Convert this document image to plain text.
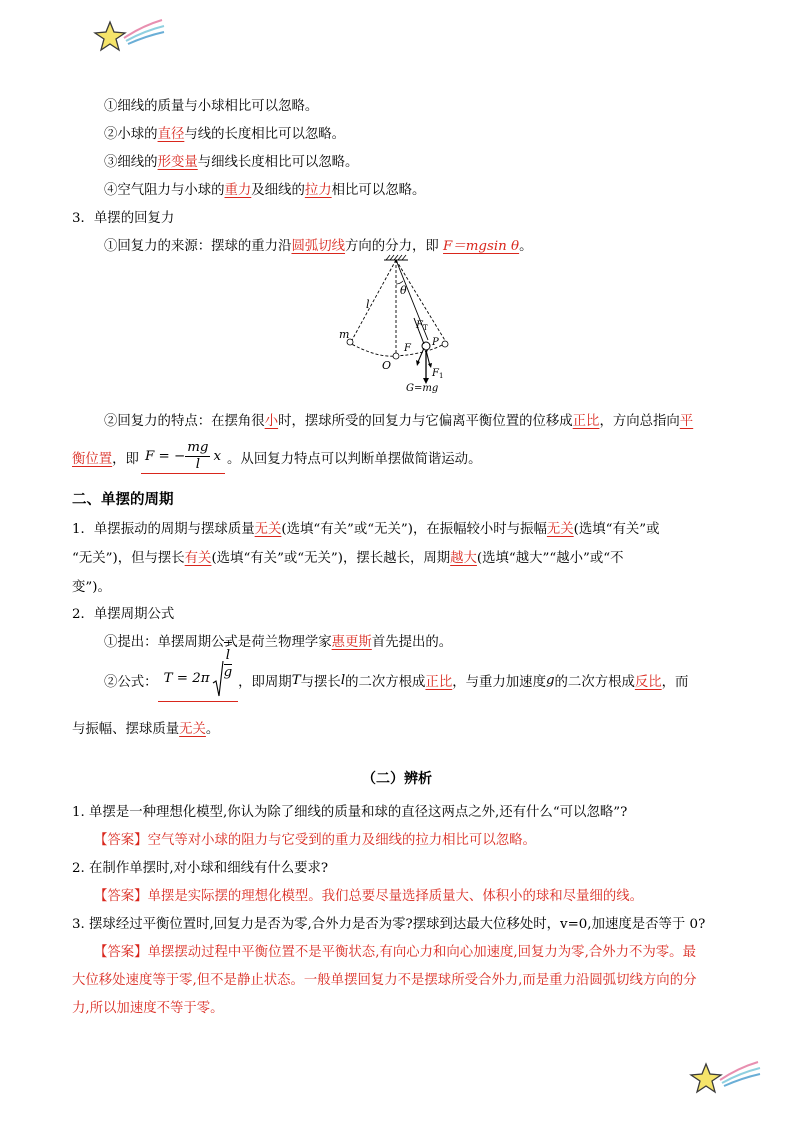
①细线的质量与小球相比可以忽略。
②小球的直径与线的长度相比可以忽略。
③细线的形变量与细线长度相比可以忽略。
④空气阻力与小球的重力及细线的拉力相比可以忽略。
3．单摆的回复力
①回复力的来源：摆球的重力沿圆弧切线方向的分力，即 F＝mgsin θ。
l
θ
m
O
F T
F
P
F 1
G=mg
②回复力的特点：在摆角很小时，摆球所受的回复力与它偏离平衡位置的位移成正比，方向总指向平
衡位置 ，即 F = − $\frac{mg}{l}$ x 。从回复力特点可以判断单摆做简谐运动。
二、单摆的周期
1．单摆振动的周期与摆球质量无关(选填“有关”或“无关”)，在振幅较小时与振幅无关(选填“有关”或
“无关”)，但与摆长有关(选填“有关”或“无关”)，摆长越长，周期越大(选填“越大”“越小”或“不
变”)。
2．单摆周期公式
①提出：单摆周期公式是荷兰物理学家惠更斯首先提出的。
②公式： $T = 2\pi \frac{l}{g}$
，即周期 T 与摆长 l 的二次方根成 正比 ，与重力加速度 g 的二次方根成 反比 ，而
与振幅、摆球质量无关。
（二）辨析
1. 单摆是一种理想化模型,你认为除了细线的质量和球的直径这两点之外,还有什么“可以忽略”?
【答案】空气等对小球的阻力与它受到的重力及细线的拉力相比可以忽略。
2. 在制作单摆时,对小球和细线有什么要求?
【答案】单摆是实际摆的理想化模型。我们总要尽量选择质量大、体积小的球和尽量细的线。
3. 摆球经过平衡位置时,回复力是否为零,合外力是否为零?摆球到达最大位移处时，v=0,加速度是否等于 0?
【答案】单摆摆动过程中平衡位置不是平衡状态,有向心力和向心加速度,回复力为零,合外力不为零。最
大位移处速度等于零,但不是静止状态。一般单摆回复力不是摆球所受合外力,而是重力沿圆弧切线方向的分
力,所以加速度不等于零。
